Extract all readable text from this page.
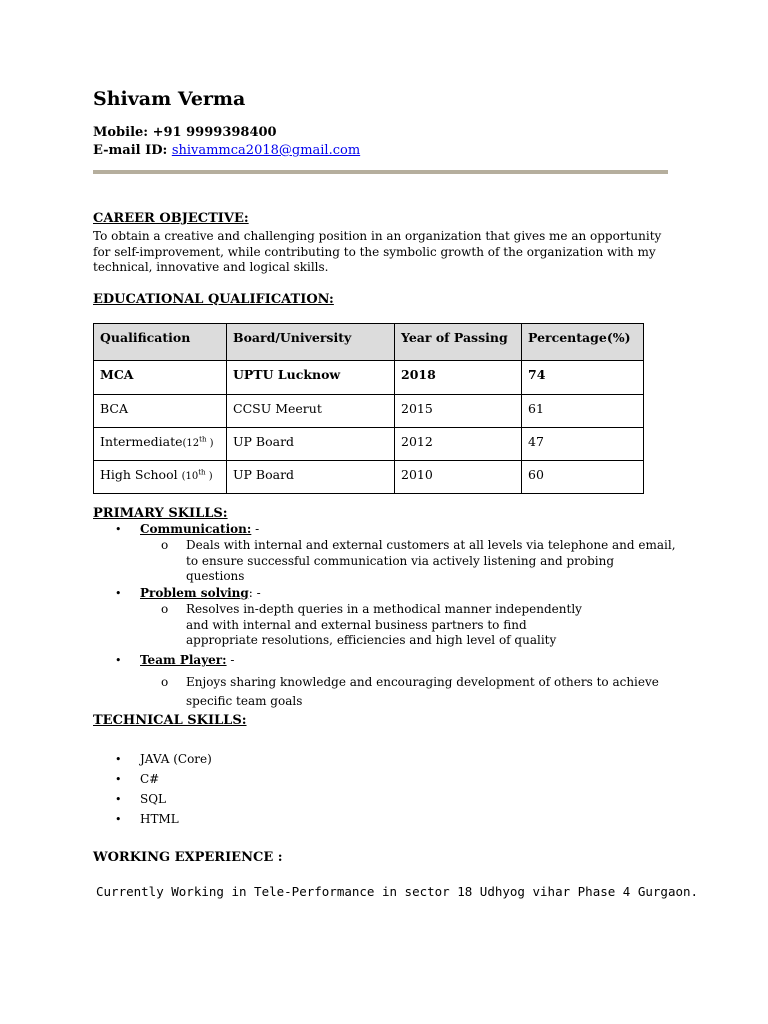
Shivam Verma
Mobile: +91 9999398400
E-mail ID: shivammca2018@gmail.com
CAREER OBJECTIVE:
To obtain a creative and challenging position in an organization that gives me an opportunity
for self-improvement, while contributing to the symbolic growth of the organization with my
technical, innovative and logical skills.
EDUCATIONAL QUALIFICATION:
Qualification	Board/University	Year of Passing	Percentage(%)
MCA	UPTU Lucknow	2018	74
BCA	CCSU Meerut	2015	61
Intermediate(12th )	UP Board	2012	47
High School (10th )	UP Board	2010	60
PRIMARY SKILLS:
• Communication: -
o Deals with internal and external customers at all levels via telephone and email,
to ensure successful communication via actively listening and probing
questions
• Problem solving: -
o Resolves in-depth queries in a methodical manner independently
and with internal and external business partners to find
appropriate resolutions, efficiencies and high level of quality
• Team Player: -
o Enjoys sharing knowledge and encouraging development of others to achieve
specific team goals
TECHNICAL SKILLS:
• JAVA (Core)
• C#
• SQL
• HTML
WORKING EXPERIENCE :
Currently Working in Tele-Performance in sector 18 Udhyog vihar Phase 4 Gurgaon.
